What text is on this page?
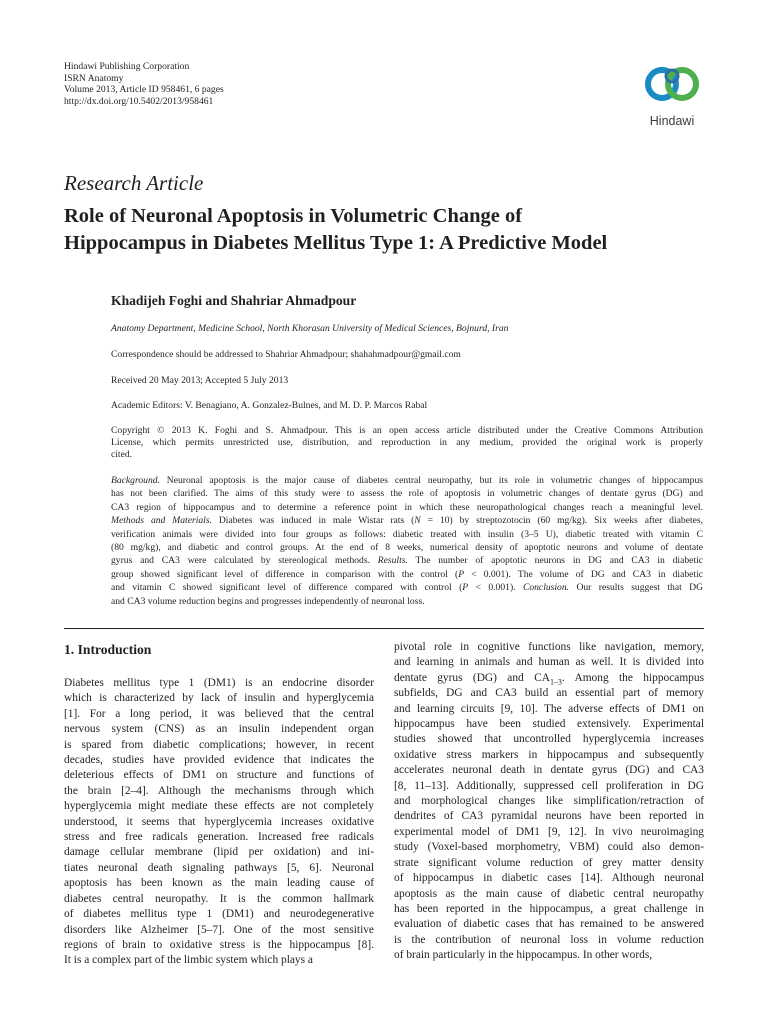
Hindawi Publishing Corporation
ISRN Anatomy
Volume 2013, Article ID 958461, 6 pages
http://dx.doi.org/10.5402/2013/958461
Hindawi
Research Article
Role of Neuronal Apoptosis in Volumetric Change of
Hippocampus in Diabetes Mellitus Type 1: A Predictive Model
Khadijeh Foghi and Shahriar Ahmadpour
Anatomy Department, Medicine School, North Khorasan University of Medical Sciences, Bojnurd, Iran
Correspondence should be addressed to Shahriar Ahmadpour; shahahmadpour@gmail.com
Received 20 May 2013; Accepted 5 July 2013
Academic Editors: V. Benagiano, A. Gonzalez-Bulnes, and M. D. P. Marcos Rabal
Copyright © 2013 K. Foghi and S. Ahmadpour. This is an open access article distributed under the Creative Commons Attribution
License, which permits unrestricted use, distribution, and reproduction in any medium, provided the original work is properly
cited.
Background. Neuronal apoptosis is the major cause of diabetes central neuropathy, but its role in volumetric changes of hippocampus
has not been clarified. The aims of this study were to assess the role of apoptosis in volumetric changes of dentate gyrus (DG) and
CA3 region of hippocampus and to determine a reference point in which these neuropathological changes reach a meaningful level.
Methods and Materials. Diabetes was induced in male Wistar rats (N = 10) by streptozotocin (60 mg/kg). Six weeks after diabetes,
verification animals were divided into four groups as follows: diabetic treated with insulin (3–5 U), diabetic treated with vitamin C
(80 mg/kg), and diabetic and control groups. At the end of 8 weeks, numerical density of apoptotic neurons and volume of dentate
gyrus and CA3 were calculated by stereological methods. Results. The number of apoptotic neurons in DG and CA3 in diabetic
group showed significant level of difference in comparison with the control (P < 0.001). The volume of DG and CA3 in diabetic
and vitamin C showed significant level of difference compared with control (P < 0.001). Conclusion. Our results suggest that DG
and CA3 volume reduction begins and progresses independently of neuronal loss.
1. Introduction
Diabetes mellitus type 1 (DM1) is an endocrine disorder
which is characterized by lack of insulin and hyperglycemia
[1]. For a long period, it was believed that the central
nervous system (CNS) as an insulin independent organ
is spared from diabetic complications; however, in recent
decades, studies have provided evidence that indicates the
deleterious effects of DM1 on structure and functions of
the brain [2–4]. Although the mechanisms through which
hyperglycemia might mediate these effects are not completely
understood, it seems that hyperglycemia increases oxidative
stress and free radicals generation. Increased free radicals
damage cellular membrane (lipid per oxidation) and ini-
tiates neuronal death signaling pathways [5, 6]. Neuronal
apoptosis has been known as the main leading cause of
diabetes central neuropathy. It is the common hallmark
of diabetes mellitus type 1 (DM1) and neurodegenerative
disorders like Alzheimer [5–7]. One of the most sensitive
regions of brain to oxidative stress is the hippocampus [8].
It is a complex part of the limbic system which plays a
pivotal role in cognitive functions like navigation, memory,
and learning in animals and human as well. It is divided into
dentate gyrus (DG) and $CA_{1-3}$. Among the hippocampus
subfields, DG and CA3 build an essential part of memory
and learning circuits [9, 10]. The adverse effects of DM1 on
hippocampus have been studied extensively. Experimental
studies showed that uncontrolled hyperglycemia increases
oxidative stress markers in hippocampus and subsequently
accelerates neuronal death in dentate gyrus (DG) and CA3
[8, 11–13]. Additionally, suppressed cell proliferation in DG
and morphological changes like simplification/retraction of
dendrites of CA3 pyramidal neurons have been reported in
experimental model of DM1 [9, 12]. In vivo neuroimaging
study (Voxel-based morphometry, VBM) could also demon-
strate significant volume reduction of grey matter density
of hippocampus in diabetic cases [14]. Although neuronal
apoptosis as the main cause of diabetic central neuropathy
has been reported in the hippocampus, a great challenge in
evaluation of diabetic cases that has remained to be answered
is the contribution of neuronal loss in volume reduction
of brain particularly in the hippocampus. In other words,
